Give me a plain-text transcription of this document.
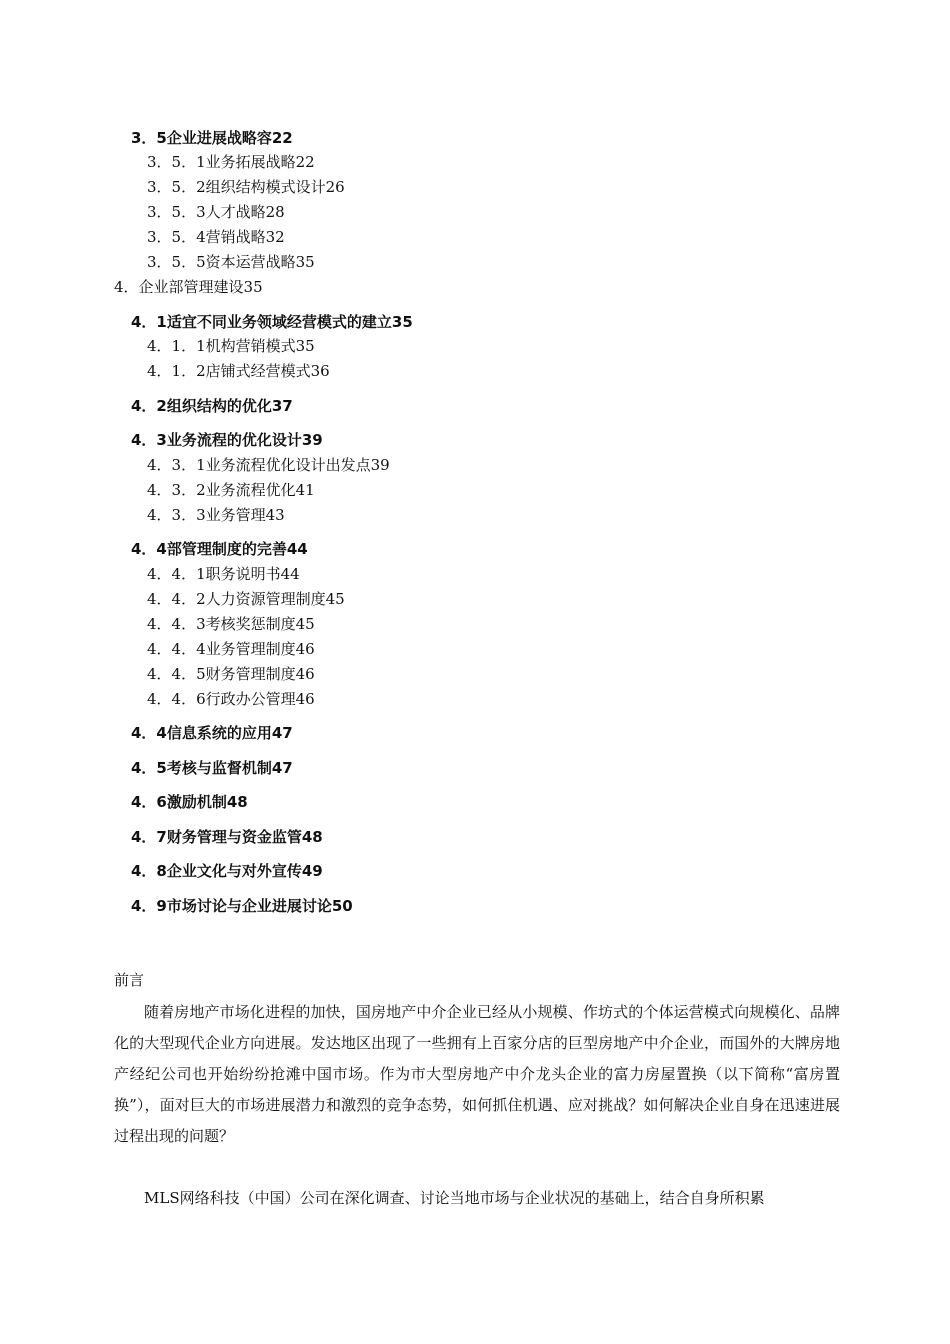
3．5企业进展战略容22
3．5．1业务拓展战略22
3．5．2组织结构模式设计26
3．5．3人才战略28
3．5．4营销战略32
3．5．5资本运营战略35
4．企业部管理建设35
4．1适宜不同业务领域经营模式的建立35
4．1．1机构营销模式35
4．1．2店铺式经营模式36
4．2组织结构的优化37
4．3业务流程的优化设计39
4．3．1业务流程优化设计出发点39
4．3．2业务流程优化41
4．3．3业务管理43
4．4部管理制度的完善44
4．4．1职务说明书44
4．4．2人力资源管理制度45
4．4．3考核奖惩制度45
4．4．4业务管理制度46
4．4．5财务管理制度46
4．4．6行政办公管理46
4．4信息系统的应用47
4．5考核与监督机制47
4．6激励机制48
4．7财务管理与资金监管48
4．8企业文化与对外宣传49
4．9市场讨论与企业进展讨论50
前言

随着房地产市场化进程的加快，国房地产中介企业已经从小规模、作坊式的个体运营模式向规模化、品牌化的大型现代企业方向进展。发达地区出现了一些拥有上百家分店的巨型房地产中介企业，而国外的大牌房地产经纪公司也开始纷纷抢滩中国市场。作为市大型房地产中介龙头企业的富力房屋置换（以下简称“富房置换”），面对巨大的市场进展潜力和激烈的竞争态势，如何抓住机遇、应对挑战？如何解决企业自身在迅速进展过程出现的问题？

MLS网络科技（中国）公司在深化调查、讨论当地市场与企业状况的基础上，结合自身所积累
